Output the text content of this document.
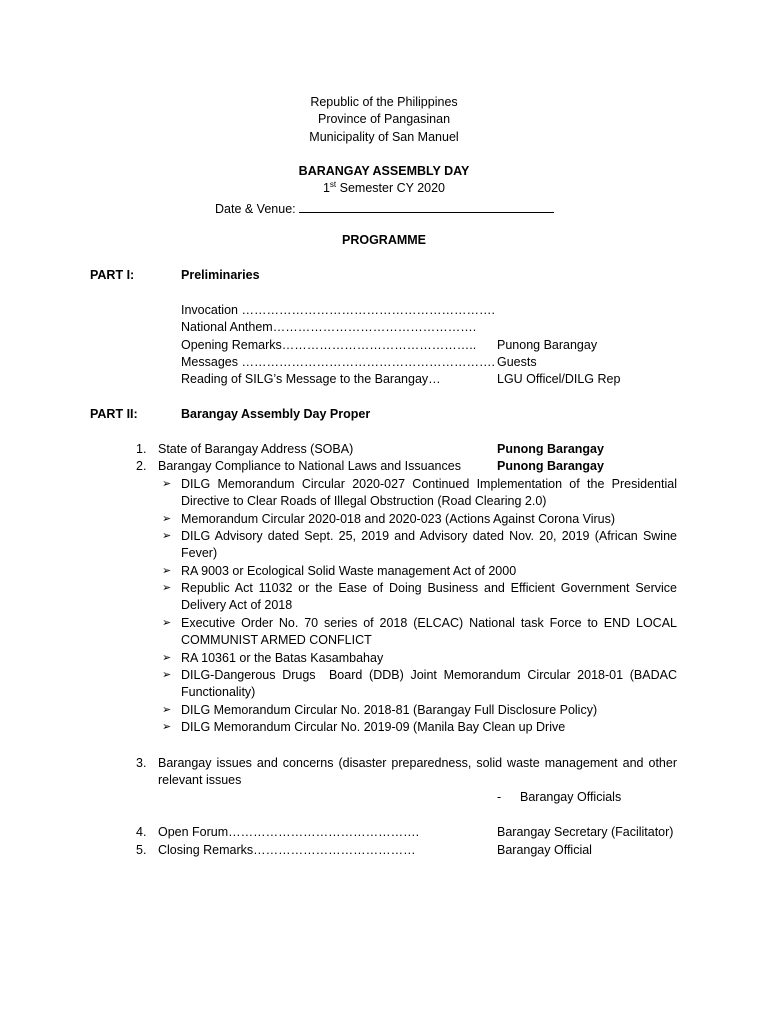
Republic of the Philippines
Province of Pangasinan
Municipality of San Manuel
BARANGAY ASSEMBLY DAY
1st Semester CY 2020
Date & Venue:
PROGRAMME
PART I:	Preliminaries
Invocation …………………………………………………….
National Anthem………………………………………….
Opening Remarks……………………………………….. Punong Barangay
Messages ……………………………………………………. Guests
Reading of SILG’s Message to the Barangay…	LGU Officel/DILG Rep
PART II:	Barangay Assembly Day Proper
1. State of Barangay Address (SOBA)	Punong Barangay
2. Barangay Compliance to National Laws and Issuances	Punong Barangay
➢ DILG Memorandum Circular 2020-027 Continued Implementation of the Presidential
Directive to Clear Roads of Illegal Obstruction (Road Clearing 2.0)
➢ Memorandum Circular 2020-018 and 2020-023 (Actions Against Corona Virus)
➢ DILG Advisory dated Sept. 25, 2019 and Advisory dated Nov. 20, 2019 (African Swine
Fever)
➢ RA 9003 or Ecological Solid Waste management Act of 2000
➢ Republic Act 11032 or the Ease of Doing Business and Efficient Government Service
Delivery Act of 2018
➢ Executive Order No. 70 series of 2018 (ELCAC) National task Force to END LOCAL
COMMUNIST ARMED CONFLICT
➢ RA 10361 or the Batas Kasambahay
➢ DILG-Dangerous Drugs  Board (DDB) Joint Memorandum Circular 2018-01 (BADAC
Functionality)
➢ DILG Memorandum Circular No. 2018-81 (Barangay Full Disclosure Policy)
➢ DILG Memorandum Circular No. 2019-09 (Manila Bay Clean up Drive
3. Barangay issues and concerns (disaster preparedness, solid waste management and other
relevant issues
- Barangay Officials
4. Open Forum……………………………………….	Barangay Secretary (Facilitator)
5. Closing Remarks…………………………………	Barangay Official
